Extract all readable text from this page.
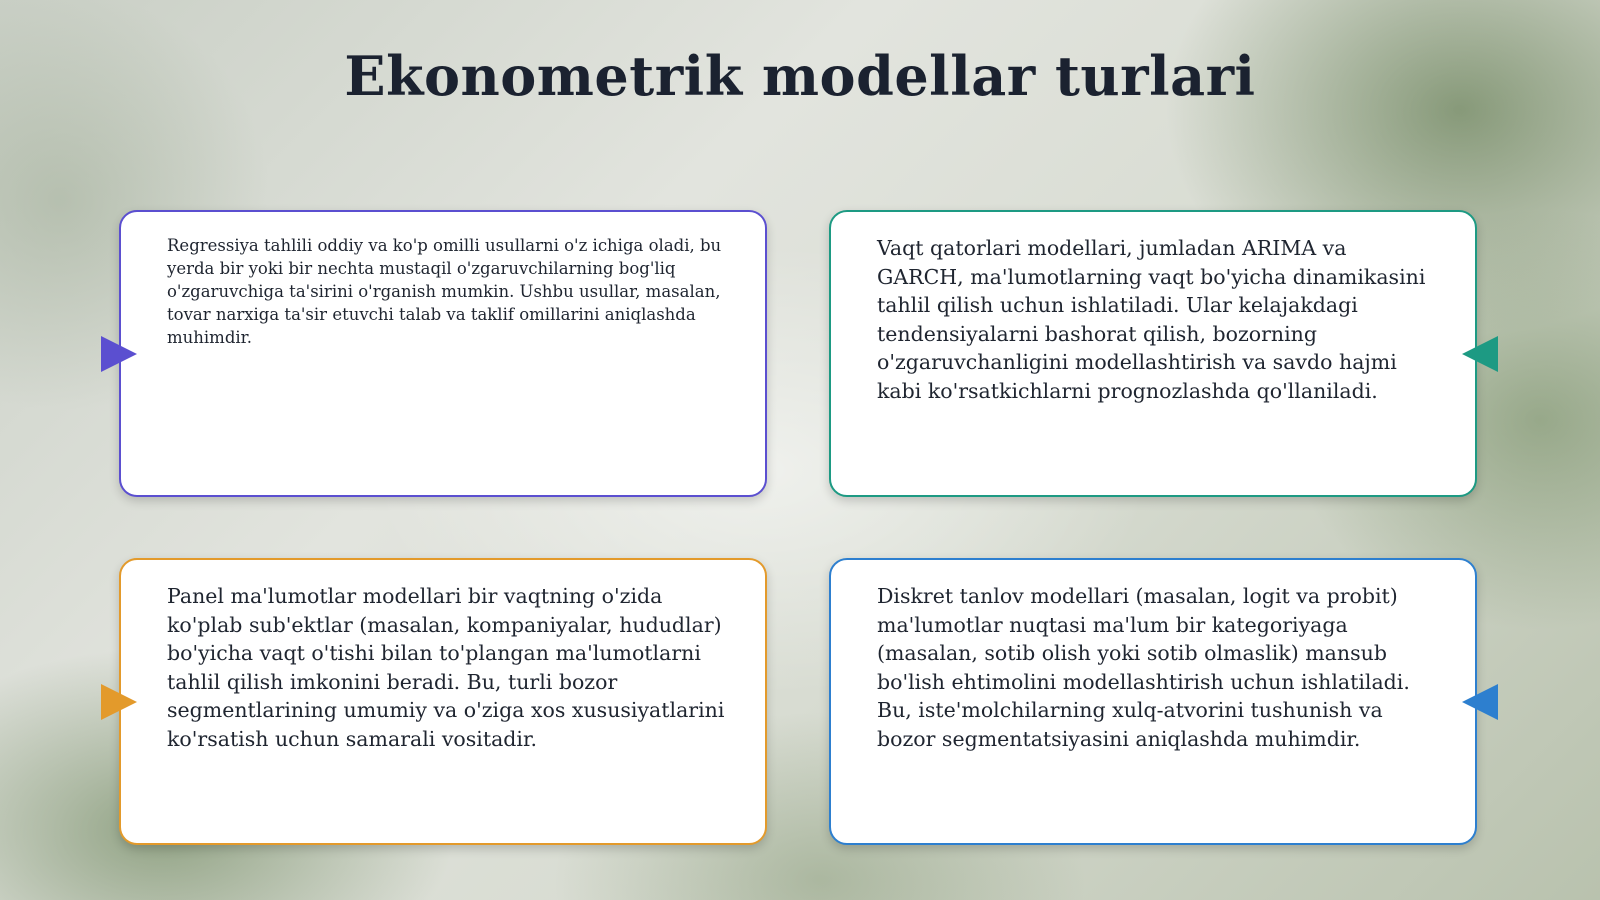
Ekonometrik modellar turlari

Regressiya tahlili oddiy va ko'p omilli usullarni o'z ichiga oladi, bu yerda bir yoki bir nechta mustaqil o'zgaruvchilarning bog'liq o'zgaruvchiga ta'sirini o'rganish mumkin. Ushbu usullar, masalan, tovar narxiga ta'sir etuvchi talab va taklif omillarini aniqlashda muhimdir.

Vaqt qatorlari modellari, jumladan ARIMA va GARCH, ma'lumotlarning vaqt bo'yicha dinamikasini tahlil qilish uchun ishlatiladi. Ular kelajakdagi tendensiyalarni bashorat qilish, bozorning o'zgaruvchanligini modellashtirish va savdo hajmi kabi ko'rsatkichlarni prognozlashda qo'llaniladi.

Panel ma'lumotlar modellari bir vaqtning o'zida ko'plab sub'ektlar (masalan, kompaniyalar, hududlar) bo'yicha vaqt o'tishi bilan to'plangan ma'lumotlarni tahlil qilish imkonini beradi. Bu, turli bozor segmentlarining umumiy va o'ziga xos xususiyatlarini ko'rsatish uchun samarali vositadir.

Diskret tanlov modellari (masalan, logit va probit) ma'lumotlar nuqtasi ma'lum bir kategoriyaga (masalan, sotib olish yoki sotib olmaslik) mansub bo'lish ehtimolini modellashtirish uchun ishlatiladi. Bu, iste'molchilarning xulq-atvorini tushunish va bozor segmentatsiyasini aniqlashda muhimdir.
